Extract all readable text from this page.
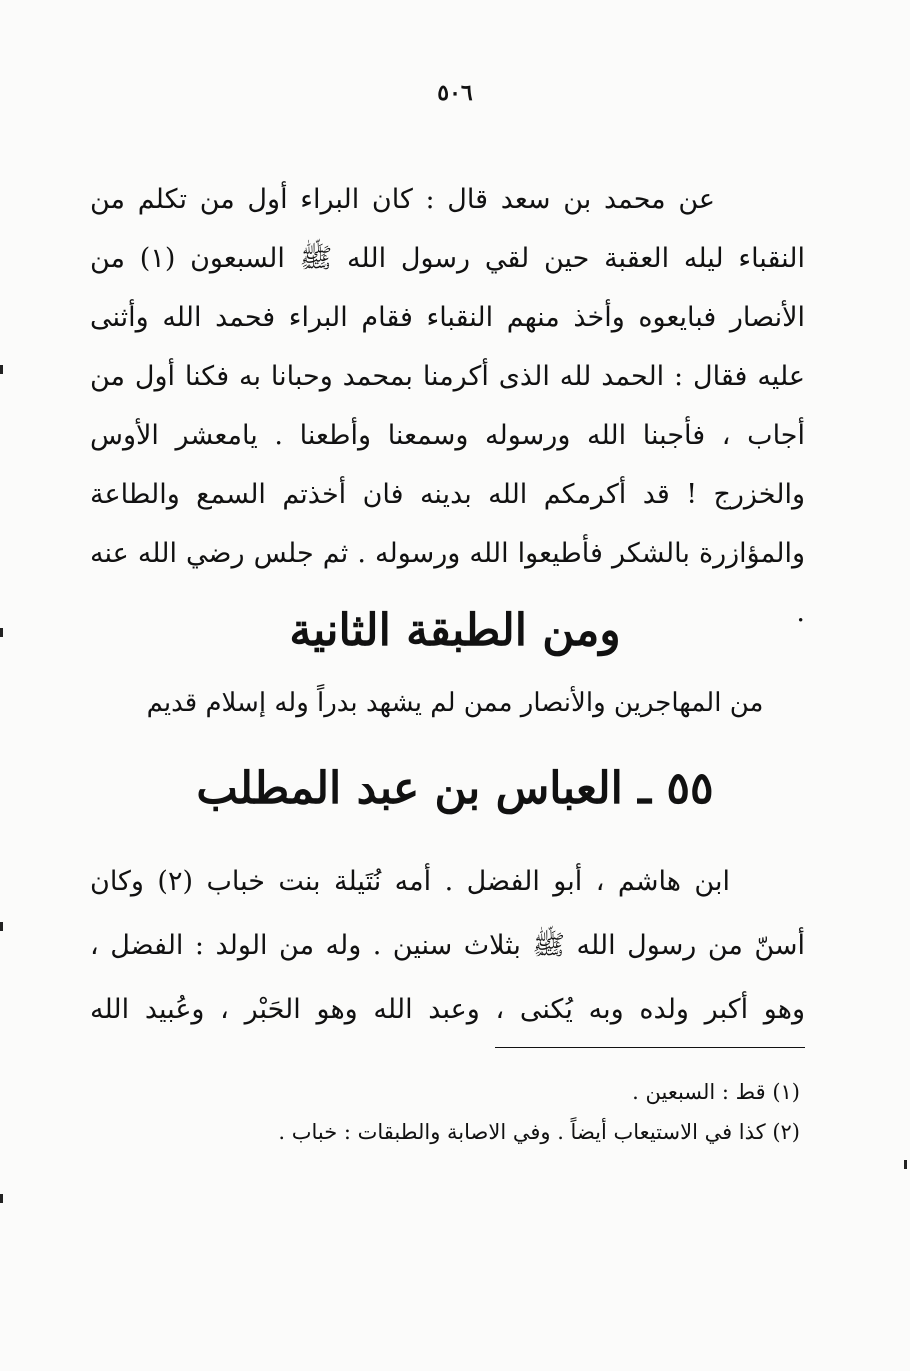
٥٠٦

عن محمد بن سعد قال : كان البراء أول من تكلم من النقباء ليله العقبة حين لقي رسول الله ﷺ السبعون (١) من الأنصار فبايعوه وأخذ منهم النقباء فقام البراء فحمد الله وأثنى عليه فقال : الحمد لله الذى أكرمنا بمحمد وحبانا به فكنا أول من أجاب ، فأجبنا الله ورسوله وسمعنا وأطعنا . يامعشر الأوس والخزرج ! قد أكرمكم الله بدينه فان أخذتم السمع والطاعة والمؤازرة بالشكر فأطيعوا الله ورسوله . ثم جلس رضي الله عنه .

ومن الطبقة الثانية
من المهاجرين والأنصار ممن لم يشهد بدراً وله إسلام قديم
٥٥ ـ العباس بن عبد المطلب

ابن هاشم ، أبو الفضل . أمه نُتَيلة بنت خباب (٢) وكان أسنّ من رسول الله ﷺ بثلاث سنين . وله من الولد : الفضل ، وهو أكبر ولده وبه يُكنى ، وعبد الله وهو الحَبْر ، وعُبيد الله

(١) قط : السبعين .

(٢) كذا في الاستيعاب أيضاً . وفي الاصابة والطبقات : خباب .
